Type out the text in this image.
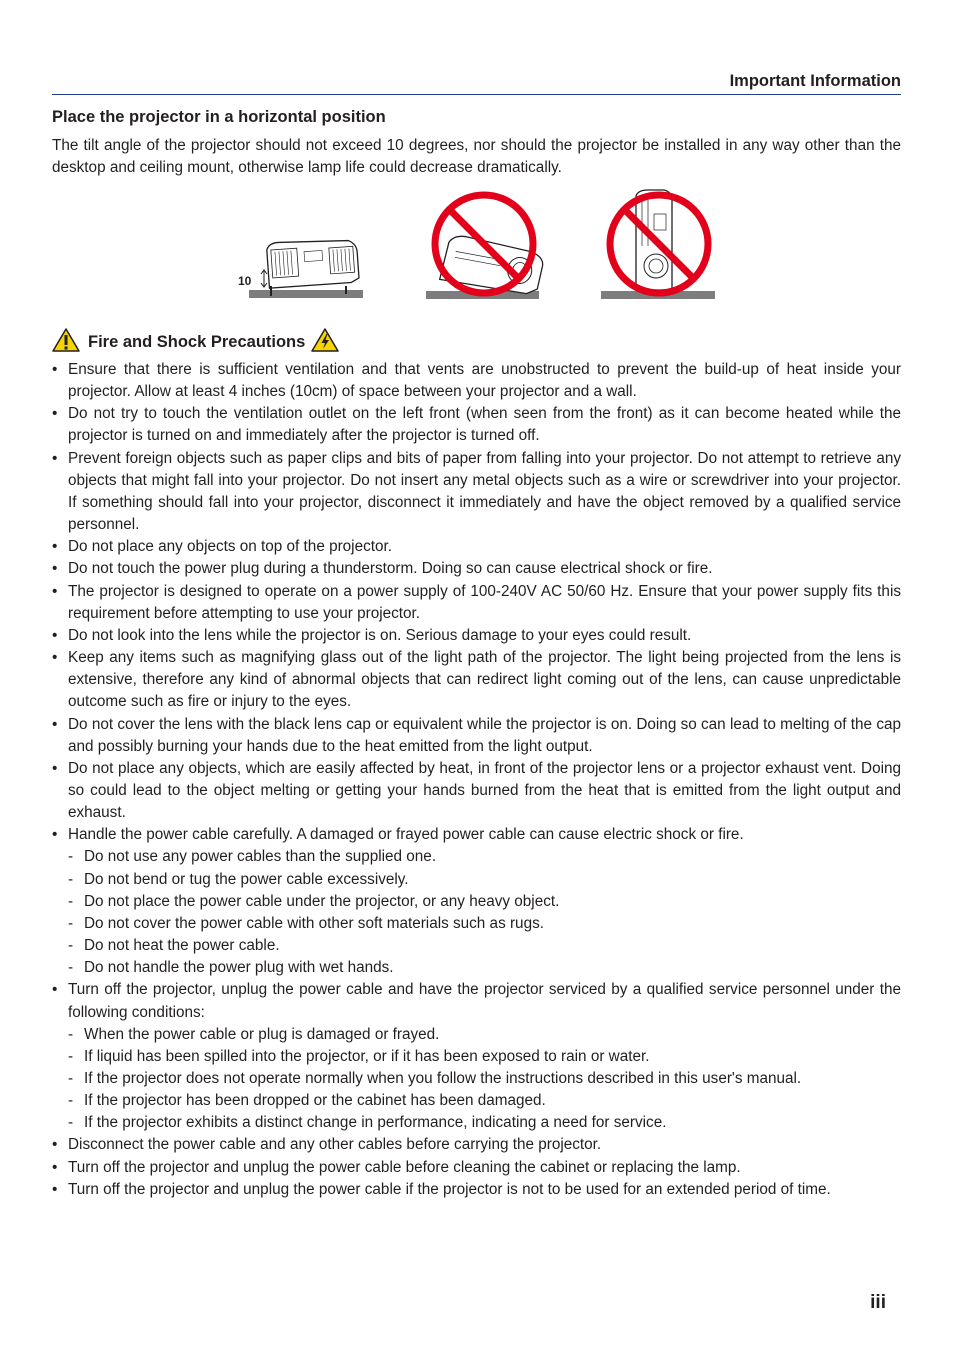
Important Information
Place the projector in a horizontal position
The tilt angle of the projector should not exceed 10 degrees, nor should the projector be installed in any way other than the desktop and ceiling mount, otherwise lamp life could decrease dramatically.
10
Fire and Shock Precautions
• Ensure that there is sufficient ventilation and that vents are unobstructed to prevent the build-up of heat inside your projector. Allow at least 4 inches (10cm) of space between your projector and a wall.
• Do not try to touch the ventilation outlet on the left front (when seen from the front) as it can become heated while the projector is turned on and immediately after the projector is turned off.
• Prevent foreign objects such as paper clips and bits of paper from falling into your projector. Do not attempt to retrieve any objects that might fall into your projector. Do not insert any metal objects such as a wire or screwdriver into your projector. If something should fall into your projector, disconnect it immediately and have the object removed by a qualified service personnel.
• Do not place any objects on top of the projector.
• Do not touch the power plug during a thunderstorm. Doing so can cause electrical shock or fire.
• The projector is designed to operate on a power supply of 100-240V AC 50/60 Hz. Ensure that your power supply fits this requirement before attempting to use your projector.
• Do not look into the lens while the projector is on. Serious damage to your eyes could result.
• Keep any items such as magnifying glass out of the light path of the projector. The light being projected from the lens is extensive, therefore any kind of abnormal objects that can redirect light coming out of the lens, can cause unpredictable outcome such as fire or injury to the eyes.
• Do not cover the lens with the black lens cap or equivalent while the projector is on. Doing so can lead to melting of the cap and possibly burning your hands due to the heat emitted from the light output.
• Do not place any objects, which are easily affected by heat, in front of the projector lens or a projector exhaust vent. Doing so could lead to the object melting or getting your hands burned from the heat that is emitted from the light output and exhaust.
• Handle the power cable carefully. A damaged or frayed power cable can cause electric shock or fire.
- Do not use any power cables than the supplied one.
- Do not bend or tug the power cable excessively.
- Do not place the power cable under the projector, or any heavy object.
- Do not cover the power cable with other soft materials such as rugs.
- Do not heat the power cable.
- Do not handle the power plug with wet hands.
• Turn off the projector, unplug the power cable and have the projector serviced by a qualified service personnel under the following conditions:
- When the power cable or plug is damaged or frayed.
- If liquid has been spilled into the projector, or if it has been exposed to rain or water.
- If the projector does not operate normally when you follow the instructions described in this user's manual.
- If the projector has been dropped or the cabinet has been damaged.
- If the projector exhibits a distinct change in performance, indicating a need for service.
• Disconnect the power cable and any other cables before carrying the projector.
• Turn off the projector and unplug the power cable before cleaning the cabinet or replacing the lamp.
• Turn off the projector and unplug the power cable if the projector is not to be used for an extended period of time.
iii
